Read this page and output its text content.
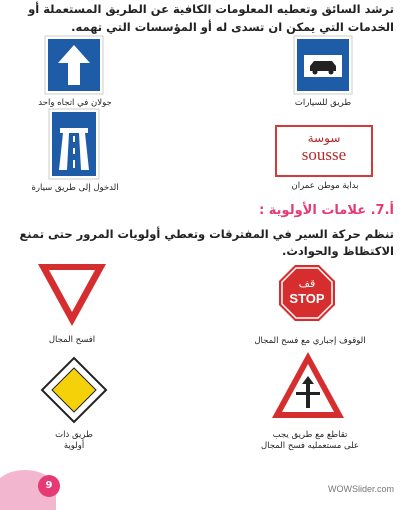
ترشد السائق وتعطيه المعلومات الكافية عن الطريق المستعملة أو الخدمات التي يمكن ان تسدى له أو المؤسسات التي تهمه.
جولان في اتجاه واحد	طريق للسيارات
الدخول إلى طريق سيارة
سوسة
sousse
بداية موطن عمران
أ.7. علامات الأولوية :
تنظم حركة السير في المفترقات وتعطي أولويات المرور حتى تمنع الاكتظاظ والحوادث.
افسح المجال
قف
STOP
الوقوف إجباري مع فسح المجال
طريق ذات
أولوية
تقاطع مع طريق يجب
على مستعمليه فسح المجال
9	WOWSlider.com
